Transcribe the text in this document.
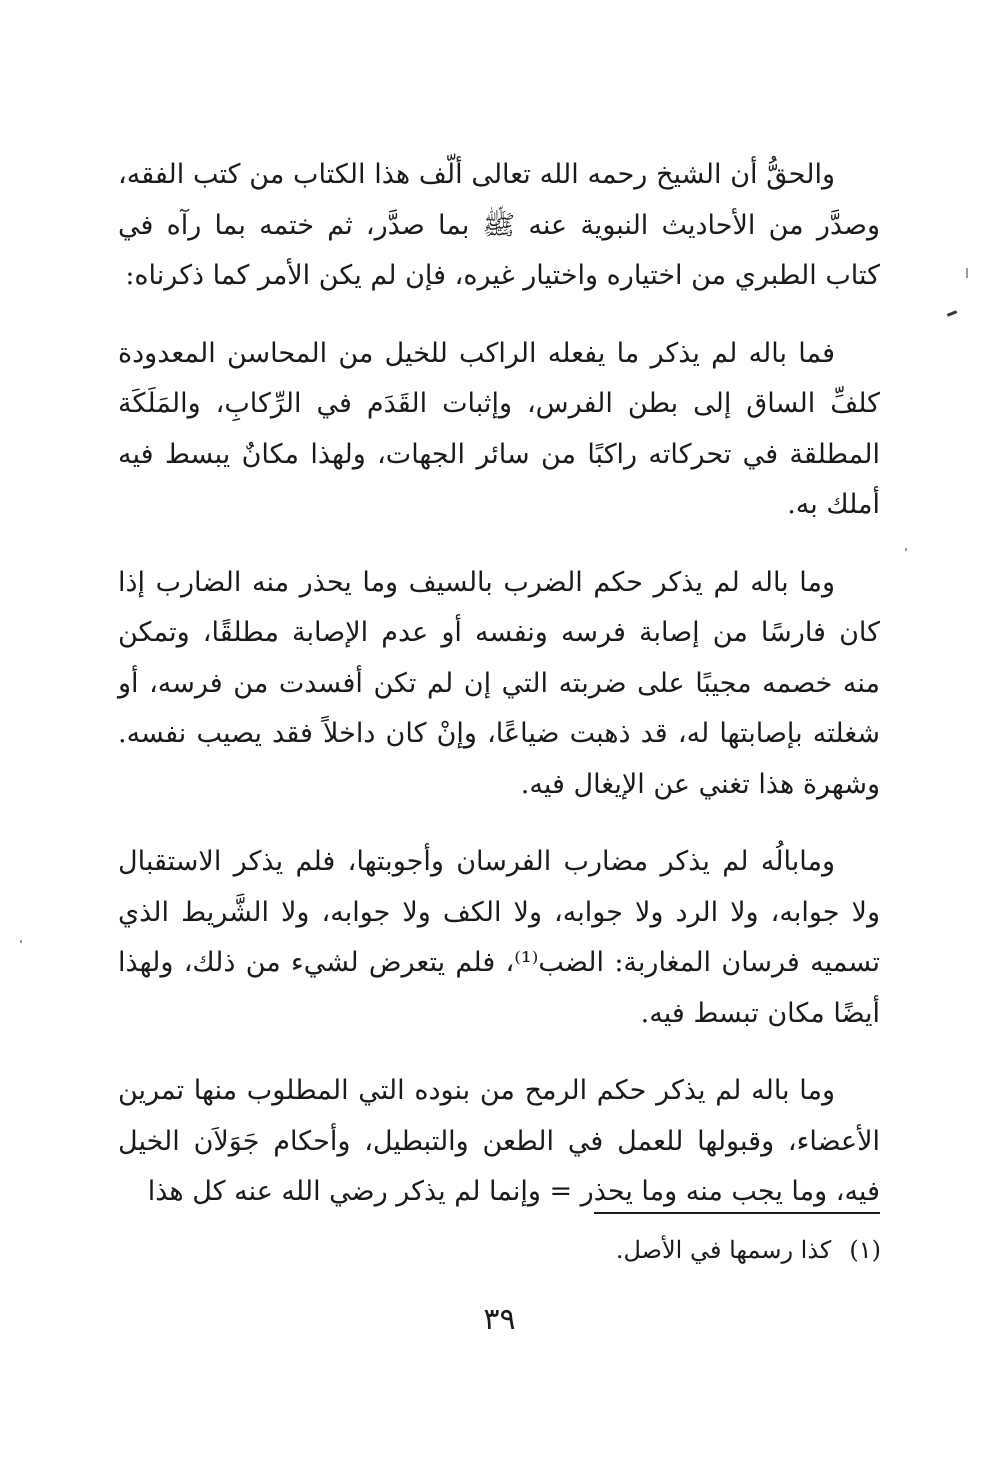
والحقُّ أن الشيخ رحمه الله تعالى ألّف هذا الكتاب من كتب الفقه، وصدَّر من الأحاديث النبوية عنه ﷺ بما صدَّر، ثم ختمه بما رآه في كتاب الطبري من اختياره واختيار غيره، فإن لم يكن الأمر كما ذكرناه:

فما باله لم يذكر ما يفعله الراكب للخيل من المحاسن المعدودة كلفِّ الساق إلى بطن الفرس، وإثبات القَدَم في الرِّكابِ، والمَلَكَة المطلقة في تحركاته راكبًا من سائر الجهات، ولهذا مكانٌ يبسط فيه أملك به.

وما باله لم يذكر حكم الضرب بالسيف وما يحذر منه الضارب إذا كان فارسًا من إصابة فرسه ونفسه أو عدم الإصابة مطلقًا، وتمكن منه خصمه مجيبًا على ضربته التي إن لم تكن أفسدت من فرسه، أو شغلته بإصابتها له، قد ذهبت ضياعًا، وإنْ كان داخلاً فقد يصيب نفسه. وشهرة هذا تغني عن الإيغال فيه.

ومابالُه لم يذكر مضارب الفرسان وأجوبتها، فلم يذكر الاستقبال ولا جوابه، ولا الرد ولا جوابه، ولا الكف ولا جوابه، ولا الشَّريط الذي تسميه فرسان المغاربة: الضب⁽¹⁾، فلم يتعرض لشيء من ذلك، ولهذا أيضًا مكان تبسط فيه.

وما باله لم يذكر حكم الرمح من بنوده التي المطلوب منها تمرين الأعضاء، وقبولها للعمل في الطعن والتبطيل، وأحكام جَوَلاَن الخيل فيه، وما يجب منه وما يحذر = وإنما لم يذكر رضي الله عنه كل هذا

(١)كذا رسمها في الأصل.
٣٩
